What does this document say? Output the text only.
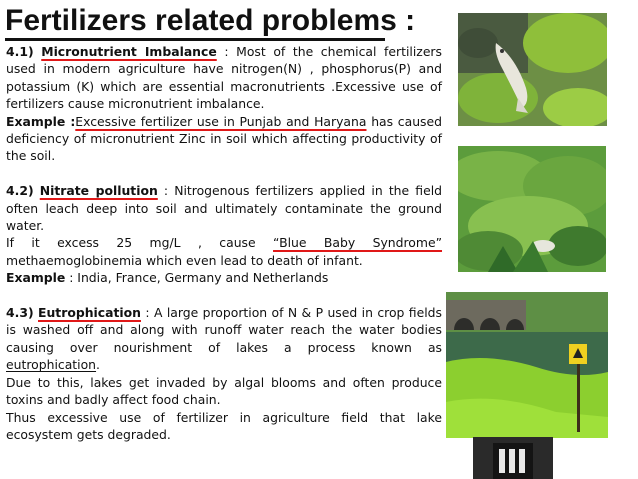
Fertilizers related problems :

4.1) Micronutrient Imbalance : Most of the chemical fertilizers used in modern agriculture have nitrogen(N) , phosphorus(P) and potassium (K) which are essential macronutrients .Excessive use of fertilizers cause micronutrient imbalance.

Example :Excessive fertilizer use in Punjab and Haryana has caused deficiency of micronutrient Zinc in soil which affecting productivity of the soil.

4.2) Nitrate pollution : Nitrogenous fertilizers applied in the field often leach deep into soil and ultimately contaminate the ground water.

If it excess 25 mg/L , cause “Blue Baby Syndrome” methaemoglobinemia which even lead to death of infant.

Example : India, France, Germany and Netherlands

4.3) Eutrophication : A large proportion of N & P used in crop fields is washed off and along with runoff water reach the water bodies causing over nourishment of lakes a process known as eutrophication.

Due to this, lakes get invaded by algal blooms and often produce toxins and badly affect food chain.

Thus excessive use of fertilizer in agriculture field that lake ecosystem gets degraded.
